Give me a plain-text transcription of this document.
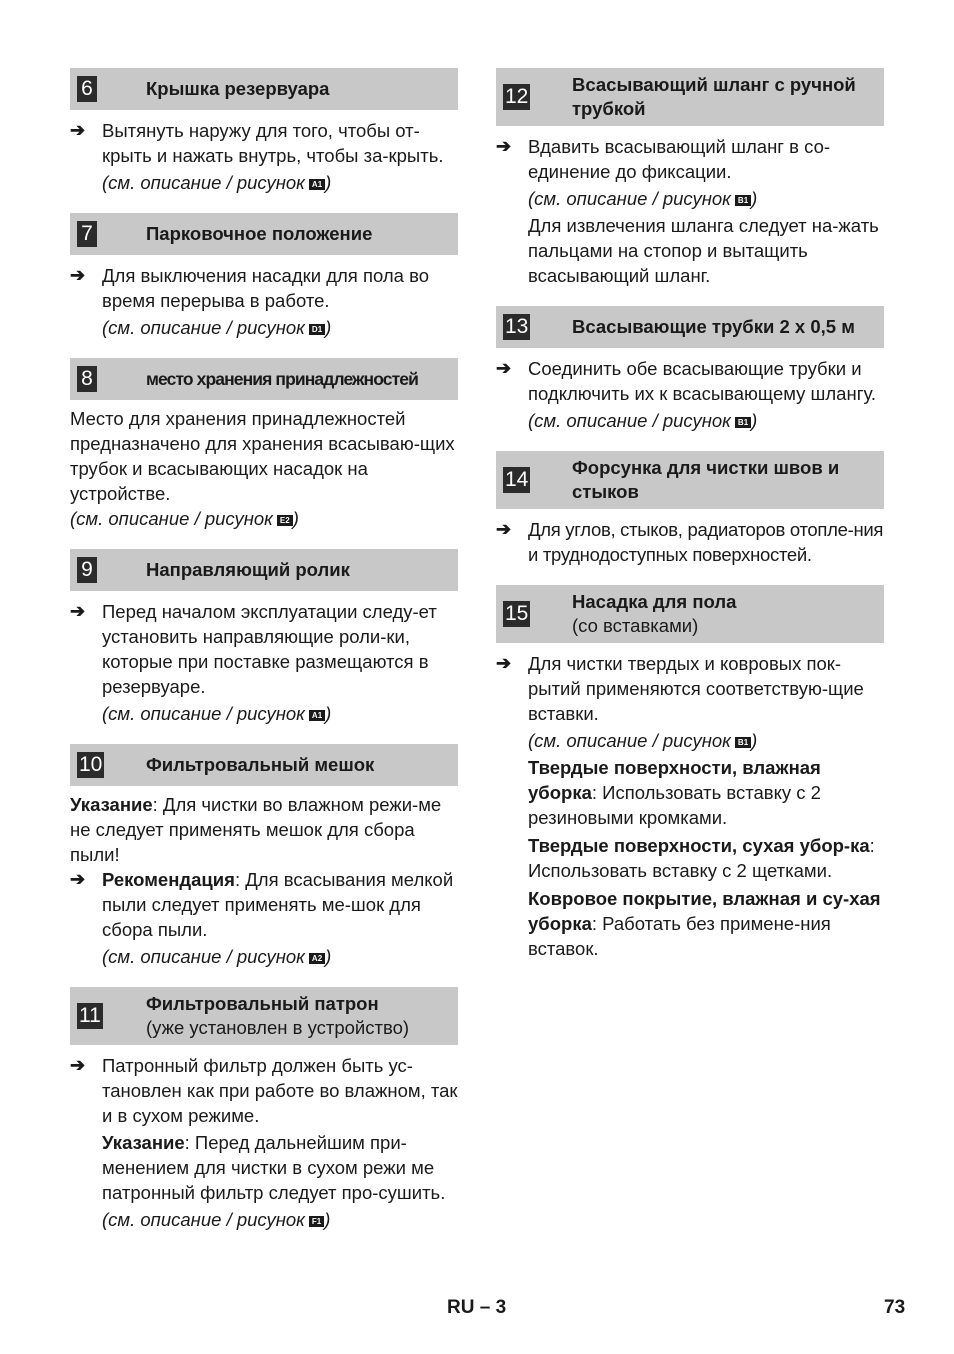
6	Крышка резервуара
➔ Вытянуть наружу для того, чтобы от-крыть и нажать внутрь, чтобы за-крыть.
(см. описание / рисунок A1 )
7	Парковочное положение
➔ Для выключения насадки для пола во время перерыва в работе.
(см. описание / рисунок D1 )
8	место хранения принадлежностей
Место для хранения принадлежностей предназначено для хранения всасываю-щих трубок и всасывающих насадок на устройстве.
(см. описание / рисунок E2 )
9	Направляющий ролик
➔ Перед началом эксплуатации следу-ет установить направляющие роли-ки, которые при поставке размещаются в резервуаре.
(см. описание / рисунок A1 )
10 Фильтровальный мешок
Указание: Для чистки во влажном режи-ме не следует применять мешок для сбора пыли!
➔ Рекомендация: Для всасывания мелкой пыли следует применять ме-шок для сбора пыли.
(см. описание / рисунок A2 )
11
Фильтровальный патрон
(уже установлен в устройство)
➔ Патронный фильтр должен быть ус-тановлен как при работе во влажном, так и в сухом режиме.
Указание: Перед дальнейшим при-менением для чистки в сухом режи ме патронный фильтр следует про-сушить.
(см. описание / рисунок F1 )
12
Всасывающий шланг с ручной трубкой
➔ Вдавить всасывающий шланг в со-единение до фиксации.
(см. описание / рисунок B1 )
Для извлечения шланга следует на-жать пальцами на стопор и вытащить всасывающий шланг.
13 Всасывающие трубки 2 х 0,5 м
➔ Соединить обе всасывающие трубки и подключить их к всасывающему шлангу.
(см. описание / рисунок B1 )
14
Форсунка для чистки швов и стыков
➔ Для углов, стыков, радиаторов отопле-ния и труднодоступных поверхностей.
15
Насадка для пола
(со вставками)
➔ Для чистки твердых и ковровых пок-рытий применяются соответствую-щие вставки.
(см. описание / рисунок B1 )
Твердые поверхности, влажная уборка: Использовать вставку с 2 резиновыми кромками.
Твердые поверхности, сухая убор-ка: Использовать вставку с 2 щетками.
Ковровое покрытие, влажная и су-хая уборка: Работать без примене-ния вставок.
RU – 3	73
